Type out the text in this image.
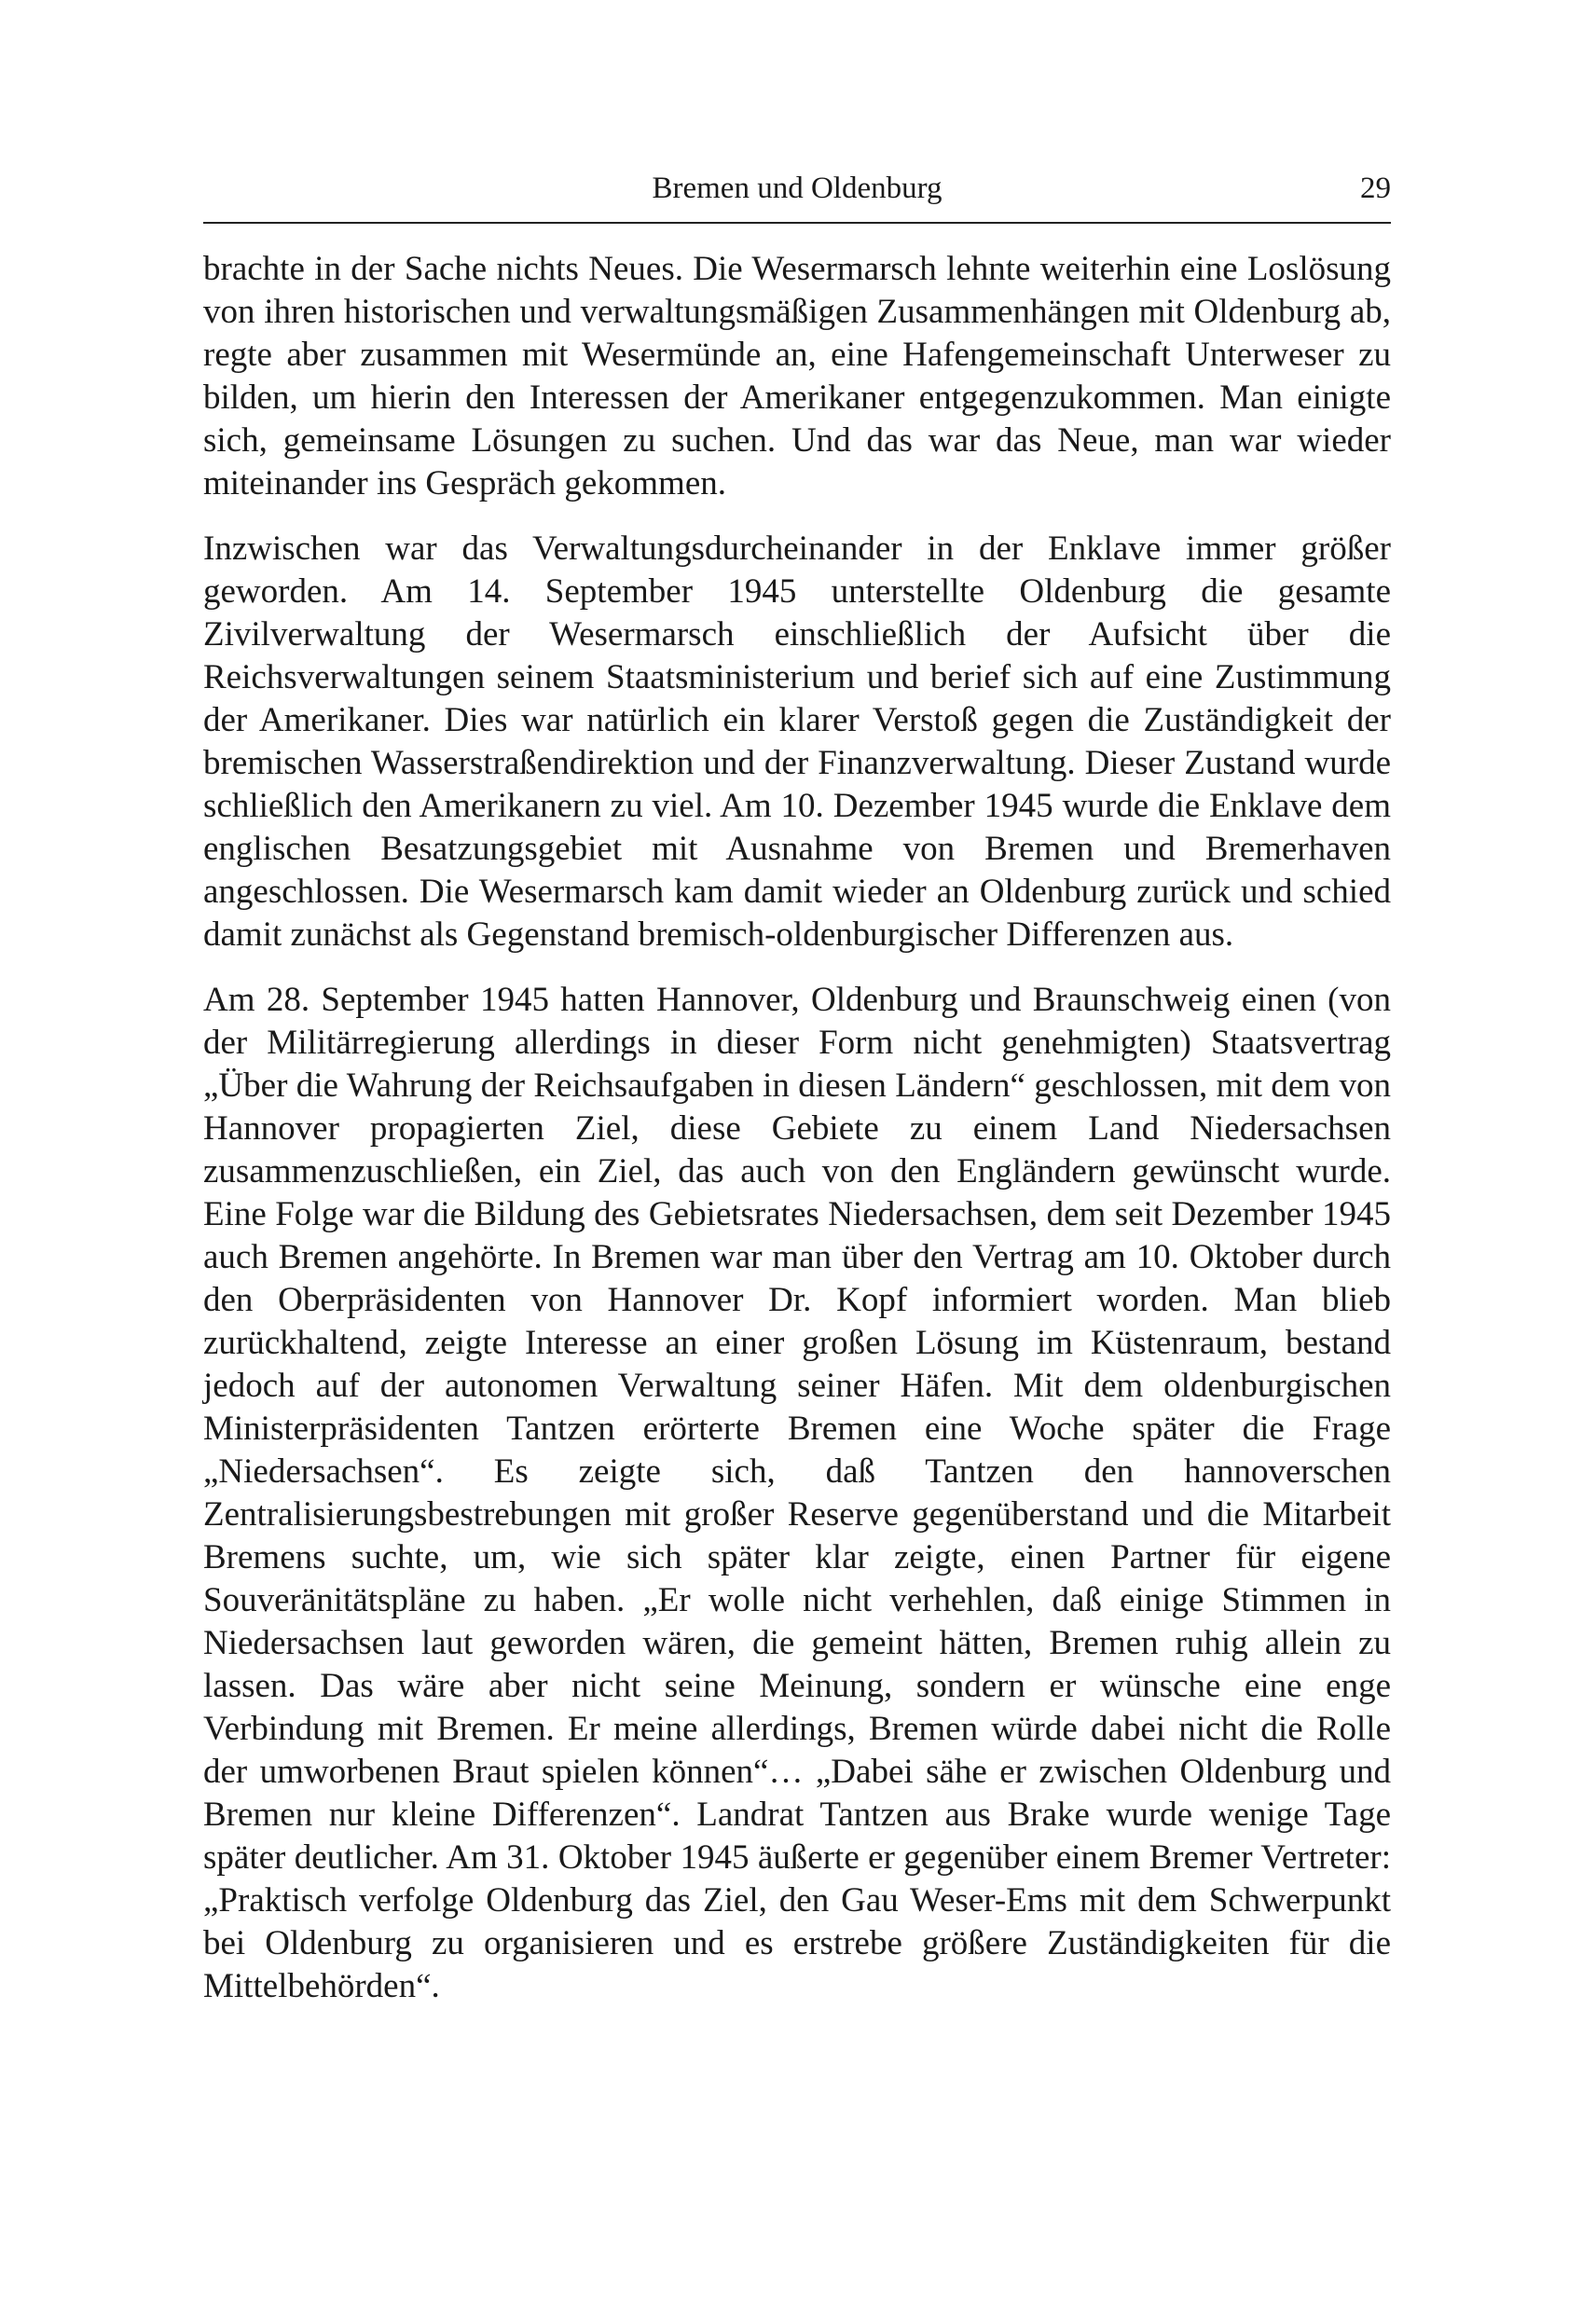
Bremen und Oldenburg	29

brachte in der Sache nichts Neues. Die Wesermarsch lehnte weiterhin eine Loslösung von ihren historischen und verwaltungsmäßigen Zusammenhängen mit Oldenburg ab, regte aber zusammen mit Wesermünde an, eine Hafengemeinschaft Unterweser zu bilden, um hierin den Interessen der Amerikaner entgegenzukommen. Man einigte sich, gemeinsame Lösungen zu suchen. Und das war das Neue, man war wieder miteinander ins Gespräch gekommen.

Inzwischen war das Verwaltungsdurcheinander in der Enklave immer größer geworden. Am 14. September 1945 unterstellte Oldenburg die gesamte Zivilverwaltung der Wesermarsch einschließlich der Aufsicht über die Reichsverwaltungen seinem Staatsministerium und berief sich auf eine Zustimmung der Amerikaner. Dies war natürlich ein klarer Verstoß gegen die Zuständigkeit der bremischen Wasserstraßendirektion und der Finanzverwaltung. Dieser Zustand wurde schließlich den Amerikanern zu viel. Am 10. Dezember 1945 wurde die Enklave dem englischen Besatzungsgebiet mit Ausnahme von Bremen und Bremerhaven angeschlossen. Die Wesermarsch kam damit wieder an Oldenburg zurück und schied damit zunächst als Gegenstand bremisch-oldenburgischer Differenzen aus.

Am 28. September 1945 hatten Hannover, Oldenburg und Braunschweig einen (von der Militärregierung allerdings in dieser Form nicht genehmigten) Staatsvertrag „Über die Wahrung der Reichsaufgaben in diesen Ländern“ geschlossen, mit dem von Hannover propagierten Ziel, diese Gebiete zu einem Land Niedersachsen zusammenzuschließen, ein Ziel, das auch von den Engländern gewünscht wurde. Eine Folge war die Bildung des Gebietsrates Niedersachsen, dem seit Dezember 1945 auch Bremen angehörte. In Bremen war man über den Vertrag am 10. Oktober durch den Oberpräsidenten von Hannover Dr. Kopf informiert worden. Man blieb zurückhaltend, zeigte Interesse an einer großen Lösung im Küstenraum, bestand jedoch auf der autonomen Verwaltung seiner Häfen. Mit dem oldenburgischen Ministerpräsidenten Tantzen erörterte Bremen eine Woche später die Frage „Niedersachsen“. Es zeigte sich, daß Tantzen den hannoverschen Zentralisierungsbestrebungen mit großer Reserve gegenüberstand und die Mitarbeit Bremens suchte, um, wie sich später klar zeigte, einen Partner für eigene Souveränitätspläne zu haben. „Er wolle nicht verhehlen, daß einige Stimmen in Niedersachsen laut geworden wären, die gemeint hätten, Bremen ruhig allein zu lassen. Das wäre aber nicht seine Meinung, sondern er wünsche eine enge Verbindung mit Bremen. Er meine allerdings, Bremen würde dabei nicht die Rolle der umworbenen Braut spielen können“… „Dabei sähe er zwischen Oldenburg und Bremen nur kleine Differenzen“. Landrat Tantzen aus Brake wurde wenige Tage später deutlicher. Am 31. Oktober 1945 äußerte er gegenüber einem Bremer Vertreter: „Praktisch verfolge Oldenburg das Ziel, den Gau Weser-Ems mit dem Schwerpunkt bei Oldenburg zu organisieren und es erstrebe größere Zuständigkeiten für die Mittelbehörden“.
